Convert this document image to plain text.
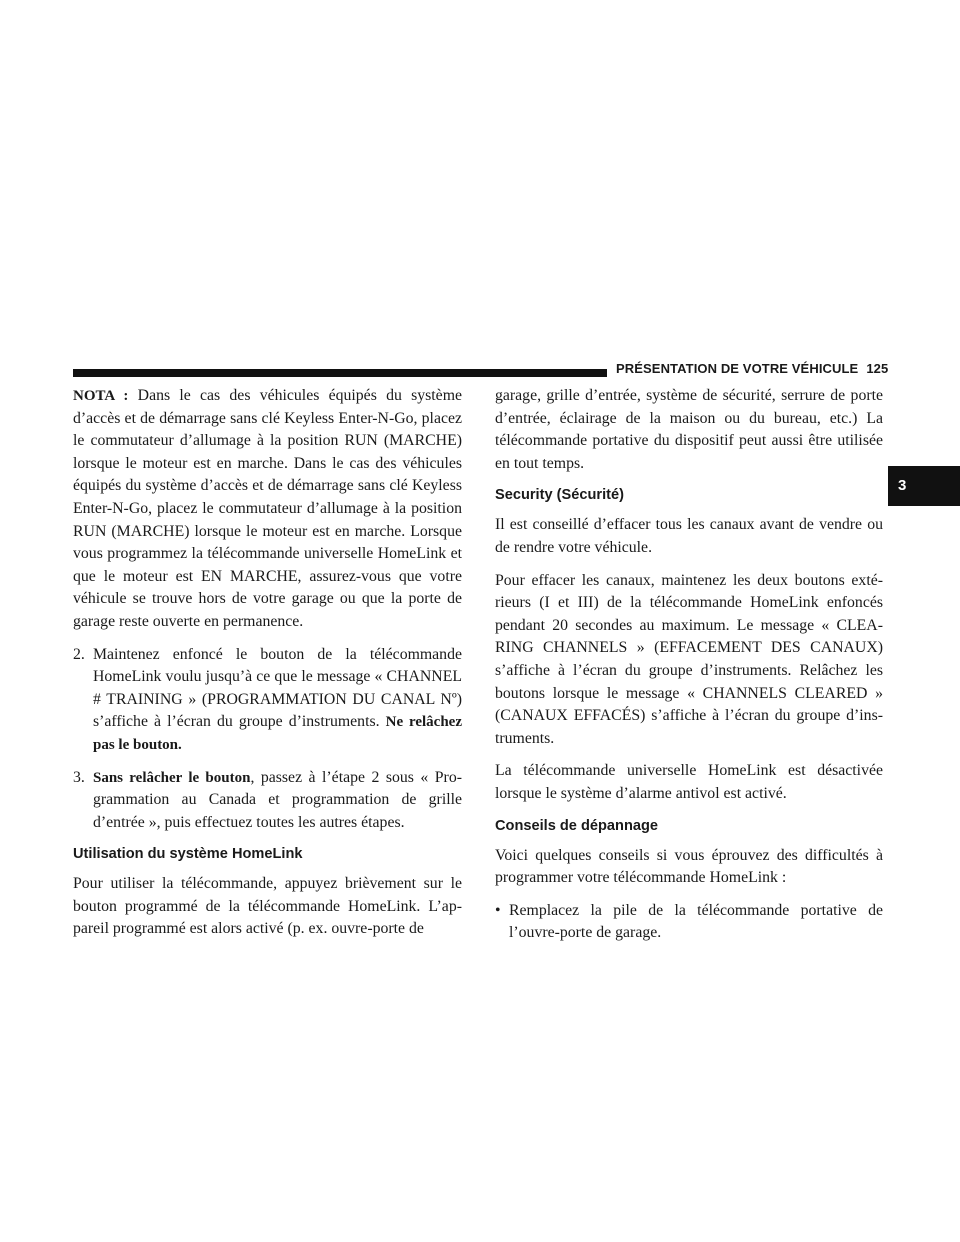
PRÉSENTATION DE VOTRE VÉHICULE 125
3

NOTA : Dans le cas des véhicules équipés du système d’accès et de démarrage sans clé Keyless Enter-N-Go, placez le commutateur d’allumage à la position RUN (MARCHE) lorsque le moteur est en marche. Dans le cas des véhicules équipés du système d’accès et de démarrage sans clé Keyless Enter-N-Go, placez le commutateur d’allumage à la position RUN (MARCHE) lorsque le moteur est en marche. Lorsque vous programmez la télécommande universelle HomeLink et que le moteur est EN MARCHE, assurez-vous que votre véhicule se trouve hors de votre garage ou que la porte de garage reste ouverte en permanence.

2. Maintenez enfoncé le bouton de la télécommande HomeLink voulu jusqu’à ce que le message « CHANNEL # TRAINING » (PROGRAMMATION DU CANAL Nº) s’affiche à l’écran du groupe d’instruments. Ne relâchez pas le bouton.
3. Sans relâcher le bouton, passez à l’étape 2 sous « Programmation au Canada et programmation de grille d’entrée », puis effectuez toutes les autres étapes.
Utilisation du système HomeLink

Pour utiliser la télécommande, appuyez brièvement sur le bouton programmé de la télécommande HomeLink. L’appareil programmé est alors activé (p. ex. ouvre-porte de

garage, grille d’entrée, système de sécurité, serrure de porte d’entrée, éclairage de la maison ou du bureau, etc.) La télécommande portative du dispositif peut aussi être utilisée en tout temps.

Security (Sécurité)

Il est conseillé d’effacer tous les canaux avant de vendre ou de rendre votre véhicule.

Pour effacer les canaux, maintenez les deux boutons extérieurs (I et III) de la télécommande HomeLink enfoncés pendant 20 secondes au maximum. Le message « CLEARING CHANNELS » (EFFACEMENT DES CANAUX) s’affiche à l’écran du groupe d’instruments. Relâchez les boutons lorsque le message « CHANNELS CLEARED » (CANAUX EFFACÉS) s’affiche à l’écran du groupe d’instruments.

La télécommande universelle HomeLink est désactivée lorsque le système d’alarme antivol est activé.

Conseils de dépannage

Voici quelques conseils si vous éprouvez des difficultés à programmer votre télécommande HomeLink :

• Remplacez la pile de la télécommande portative de l’ouvre-porte de garage.
